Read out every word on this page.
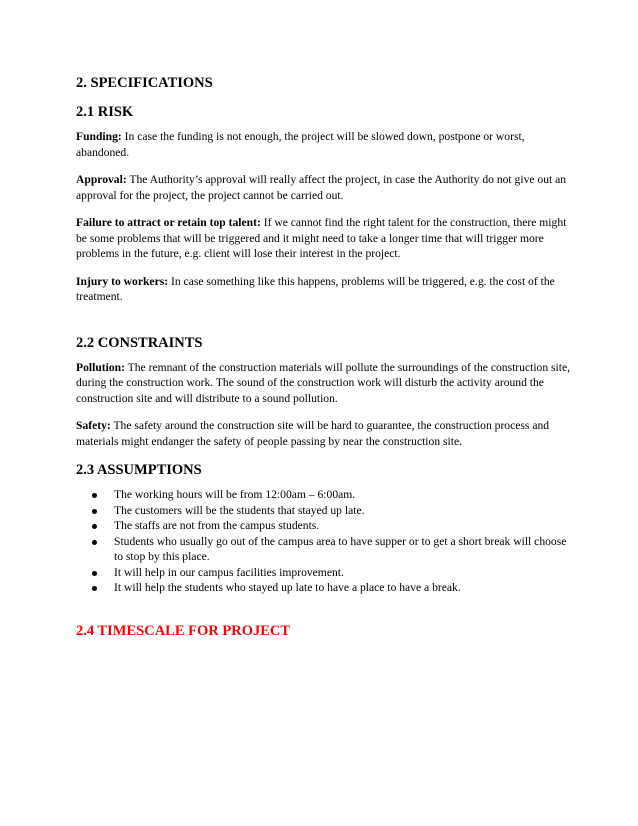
2. SPECIFICATIONS
2.1 RISK

Funding: In case the funding is not enough, the project will be slowed down, postpone or worst, abandoned.

Approval: The Authority’s approval will really affect the project, in case the Authority do not give out an approval for the project, the project cannot be carried out.

Failure to attract or retain top talent: If we cannot find the right talent for the construction, there might be some problems that will be triggered and it might need to take a longer time that will trigger more problems in the future, e.g. client will lose their interest in the project.

Injury to workers: In case something like this happens, problems will be triggered, e.g. the cost of the treatment.

2.2 CONSTRAINTS

Pollution: The remnant of the construction materials will pollute the surroundings of the construction site, during the construction work. The sound of the construction work will disturb the activity around the construction site and will distribute to a sound pollution.

Safety: The safety around the construction site will be hard to guarantee, the construction process and materials might endanger the safety of people passing by near the construction site.

2.3 ASSUMPTIONS
The working hours will be from 12:00am – 6:00am.
The customers will be the students that stayed up late.
The staffs are not from the campus students.
Students who usually go out of the campus area to have supper or to get a short break will choose to stop by this place.
It will help in our campus facilities improvement.
It will help the students who stayed up late to have a place to have a break.
2.4 TIMESCALE FOR PROJECT
